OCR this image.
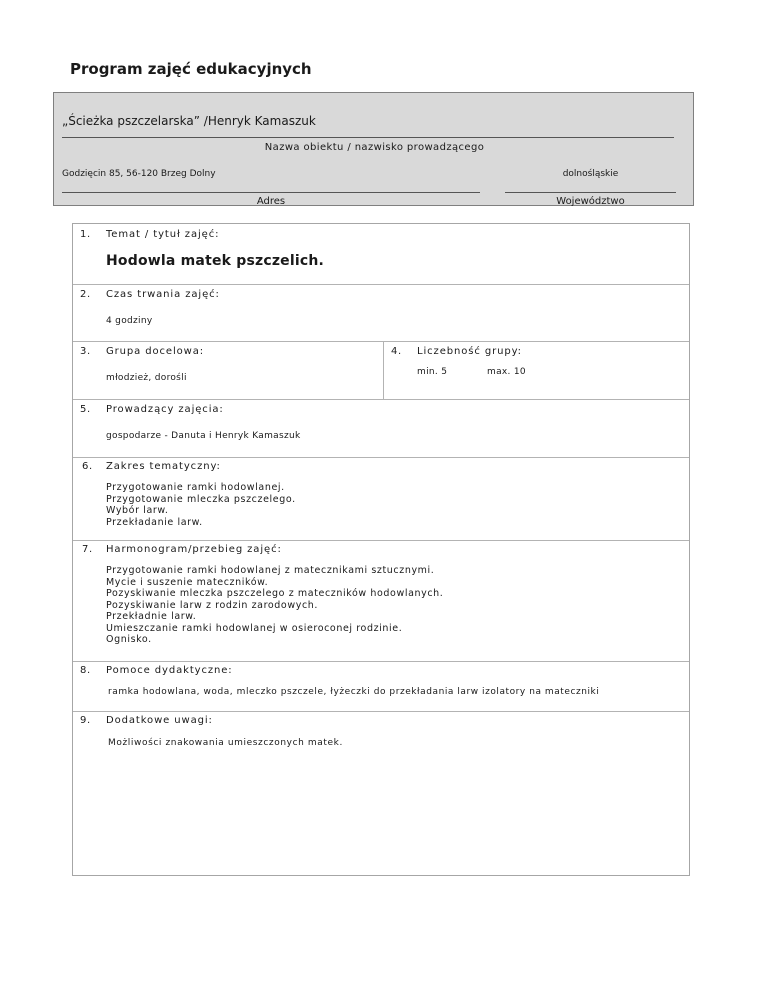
Program zajęć edukacyjnych
„Ścieżka pszczelarska” /Henryk Kamaszuk
Nazwa obiektu / nazwisko prowadzącego
Godzięcin 85, 56-120 Brzeg Dolny
Adres
dolnośląskie
Województwo
1. Temat / tytuł zajęć:
Hodowla matek pszczelich.
2. Czas trwania zajęć:
4 godziny
3. Grupa docelowa:
młodzież, dorośli
4. Liczebność grupy:
min. 5	max. 10
5. Prowadzący zajęcia:
gospodarze - Danuta i Henryk Kamaszuk
6. Zakres tematyczny:
Przygotowanie ramki hodowlanej.
Przygotowanie mleczka pszczelego.
Wybór larw.
Przekładanie larw.
7. Harmonogram/przebieg zajęć:
Przygotowanie ramki hodowlanej z matecznikami sztucznymi.
Mycie i suszenie mateczników.
Pozyskiwanie mleczka pszczelego z mateczników hodowlanych.
Pozyskiwanie larw z rodzin zarodowych.
Przekładnie larw.
Umieszczanie ramki hodowlanej w osieroconej rodzinie.
Ognisko.
8. Pomoce dydaktyczne:
ramka hodowlana, woda, mleczko pszczele, łyżeczki do przekładania larw izolatory na mateczniki
9. Dodatkowe uwagi:
Możliwości znakowania umieszczonych matek.
